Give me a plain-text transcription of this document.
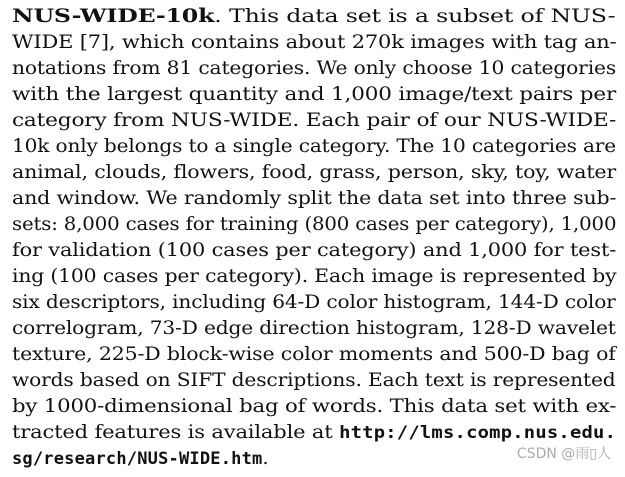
NUS-WIDE-10k. This data set is a subset of NUS-
WIDE [7], which contains about 270k images with tag an-
notations from 81 categories. We only choose 10 categories
with the largest quantity and 1,000 image/text pairs per
category from NUS-WIDE. Each pair of our NUS-WIDE-
10k only belongs to a single category. The 10 categories are
animal, clouds, flowers, food, grass, person, sky, toy, water
and window. We randomly split the data set into three sub-
sets: 8,000 cases for training (800 cases per category), 1,000
for validation (100 cases per category) and 1,000 for test-
ing (100 cases per category). Each image is represented by
six descriptors, including 64-D color histogram, 144-D color
correlogram, 73-D edge direction histogram, 128-D wavelet
texture, 225-D block-wise color moments and 500-D bag of
words based on SIFT descriptions. Each text is represented
by 1000-dimensional bag of words. This data set with ex-
tracted features is available at http://lms.comp.nus.edu.
sg/research/NUS-WIDE.htm.	CSDN @雨▯人
